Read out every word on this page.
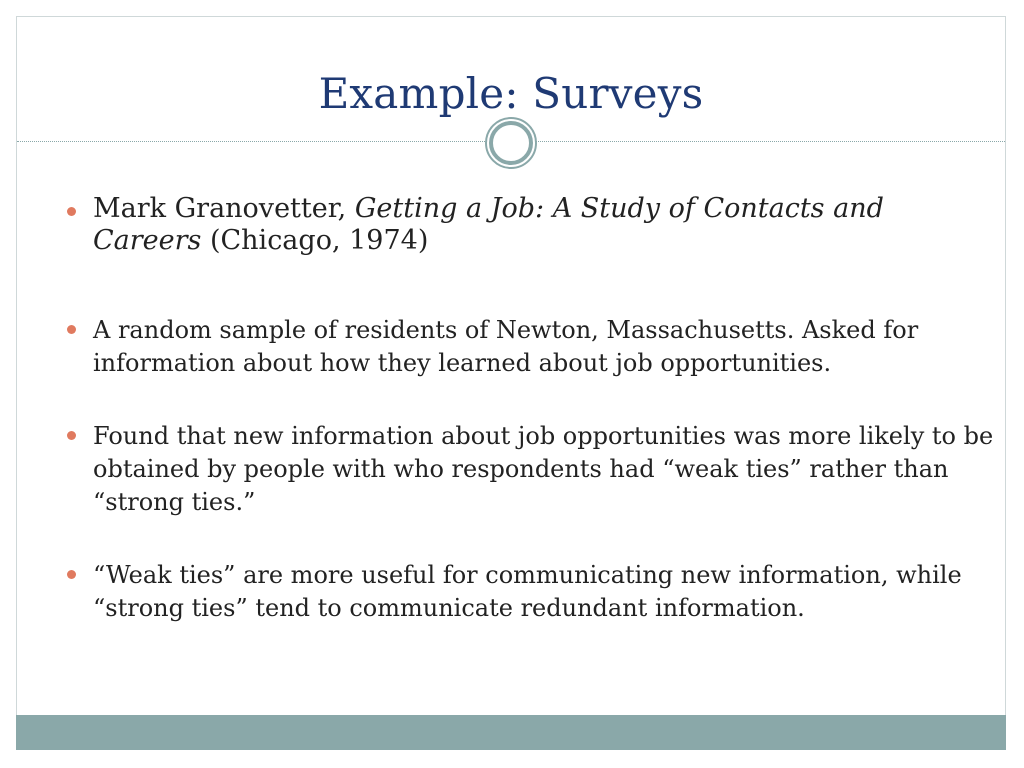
Example: Surveys
Mark Granovetter, Getting a Job: A Study of Contacts and Careers (Chicago, 1974)
A random sample of residents of Newton, Massachusetts. Asked for information about how they learned about job opportunities.
Found that new information about job opportunities was more likely to be obtained by people with who respondents had “weak ties” rather than “strong ties.”
“Weak ties” are more useful for communicating new information, while “strong ties” tend to communicate redundant information.
